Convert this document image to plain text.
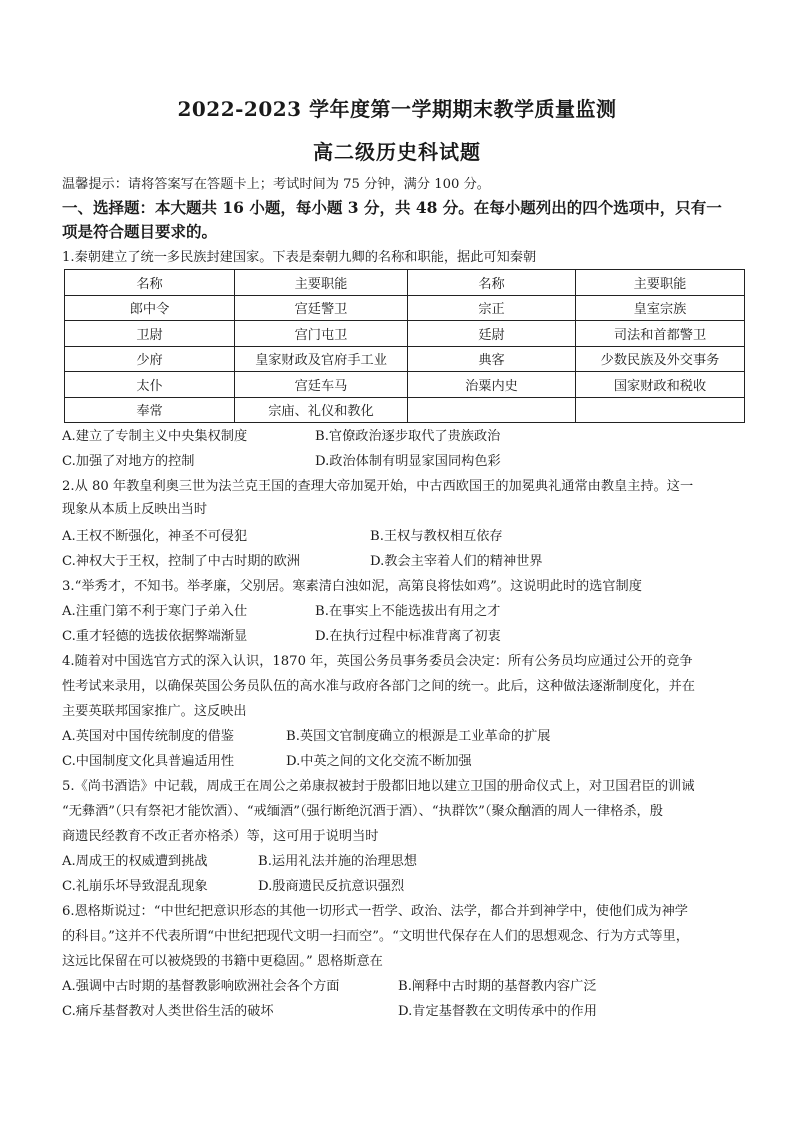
2022-2023 学年度第一学期期末教学质量监测
高二级历史科试题
温馨提示：请将答案写在答题卡上；考试时间为 75 分钟，满分 100 分。
一、选择题：本大题共 16 小题，每小题 3 分，共 48 分。在每小题列出的四个选项中，只有一
项是符合题目要求的。
1.秦朝建立了统一多民族封建国家。下表是秦朝九卿的名称和职能，据此可知秦朝
名称	主要职能	名称	主要职能
郎中令	宫廷警卫	宗正	皇室宗族
卫尉	宫门屯卫	廷尉	司法和首都警卫
少府	皇家财政及官府手工业	典客	少数民族及外交事务
太仆	宫廷车马	治粟内史	国家财政和税收
奉常	宗庙、礼仪和教化		
A.建立了专制主义中央集权制度	B.官僚政治逐步取代了贵族政治
C.加强了对地方的控制	D.政治体制有明显家国同构色彩
2.从 80 年教皇利奥三世为法兰克王国的查理大帝加冕开始，中古西欧国王的加冕典礼通常由教皇主持。这一
现象从本质上反映出当时
A.王权不断强化，神圣不可侵犯	B.王权与教权相互依存
C.神权大于王权，控制了中古时期的欧洲	D.教会主宰着人们的精神世界
3.“举秀才，不知书。举孝廉，父别居。寒素清白浊如泥，高第良将怯如鸡”。这说明此时的选官制度
A.注重门第不利于寒门子弟入仕	B.在事实上不能选拔出有用之才
C.重才轻德的选拔依据弊端渐显	D.在执行过程中标准背离了初衷
4.随着对中国选官方式的深入认识，1870 年，英国公务员事务委员会决定：所有公务员均应通过公开的竞争
性考试来录用，以确保英国公务员队伍的高水准与政府各部门之间的统一。此后，这种做法逐渐制度化，并在
主要英联邦国家推广。这反映出
A.英国对中国传统制度的借鉴	B.英国文官制度确立的根源是工业革命的扩展
C.中国制度文化具普遍适用性	D.中英之间的文化交流不断加强
5.《尚书酒诰》中记载，周成王在周公之弟康叔被封于殷都旧地以建立卫国的册命仪式上，对卫国君臣的训诫
“无彝酒”（只有祭祀才能饮酒）、“戒缅酒”（强行断绝沉酒于酒）、“执群饮”（聚众酗酒的周人一律格杀，殷
商遗民经教育不改正者亦格杀）等，这可用于说明当时
A.周成王的权威遭到挑战	B.运用礼法并施的治理思想
C.礼崩乐坏导致混乱现象	D.殷商遗民反抗意识强烈
6.恩格斯说过：“中世纪把意识形态的其他一切形式一哲学、政治、法学，都合并到神学中，使他们成为神学
的科目。”这并不代表所谓“中世纪把现代文明一扫而空”。“文明世代保存在人们的思想观念、行为方式等里，
这远比保留在可以被烧毁的书籍中更稳固。” 恩格斯意在
A.强调中古时期的基督教影响欧洲社会各个方面	B.阐释中古时期的基督教内容广泛
C.痛斥基督教对人类世俗生活的破坏	D.肯定基督教在文明传承中的作用
